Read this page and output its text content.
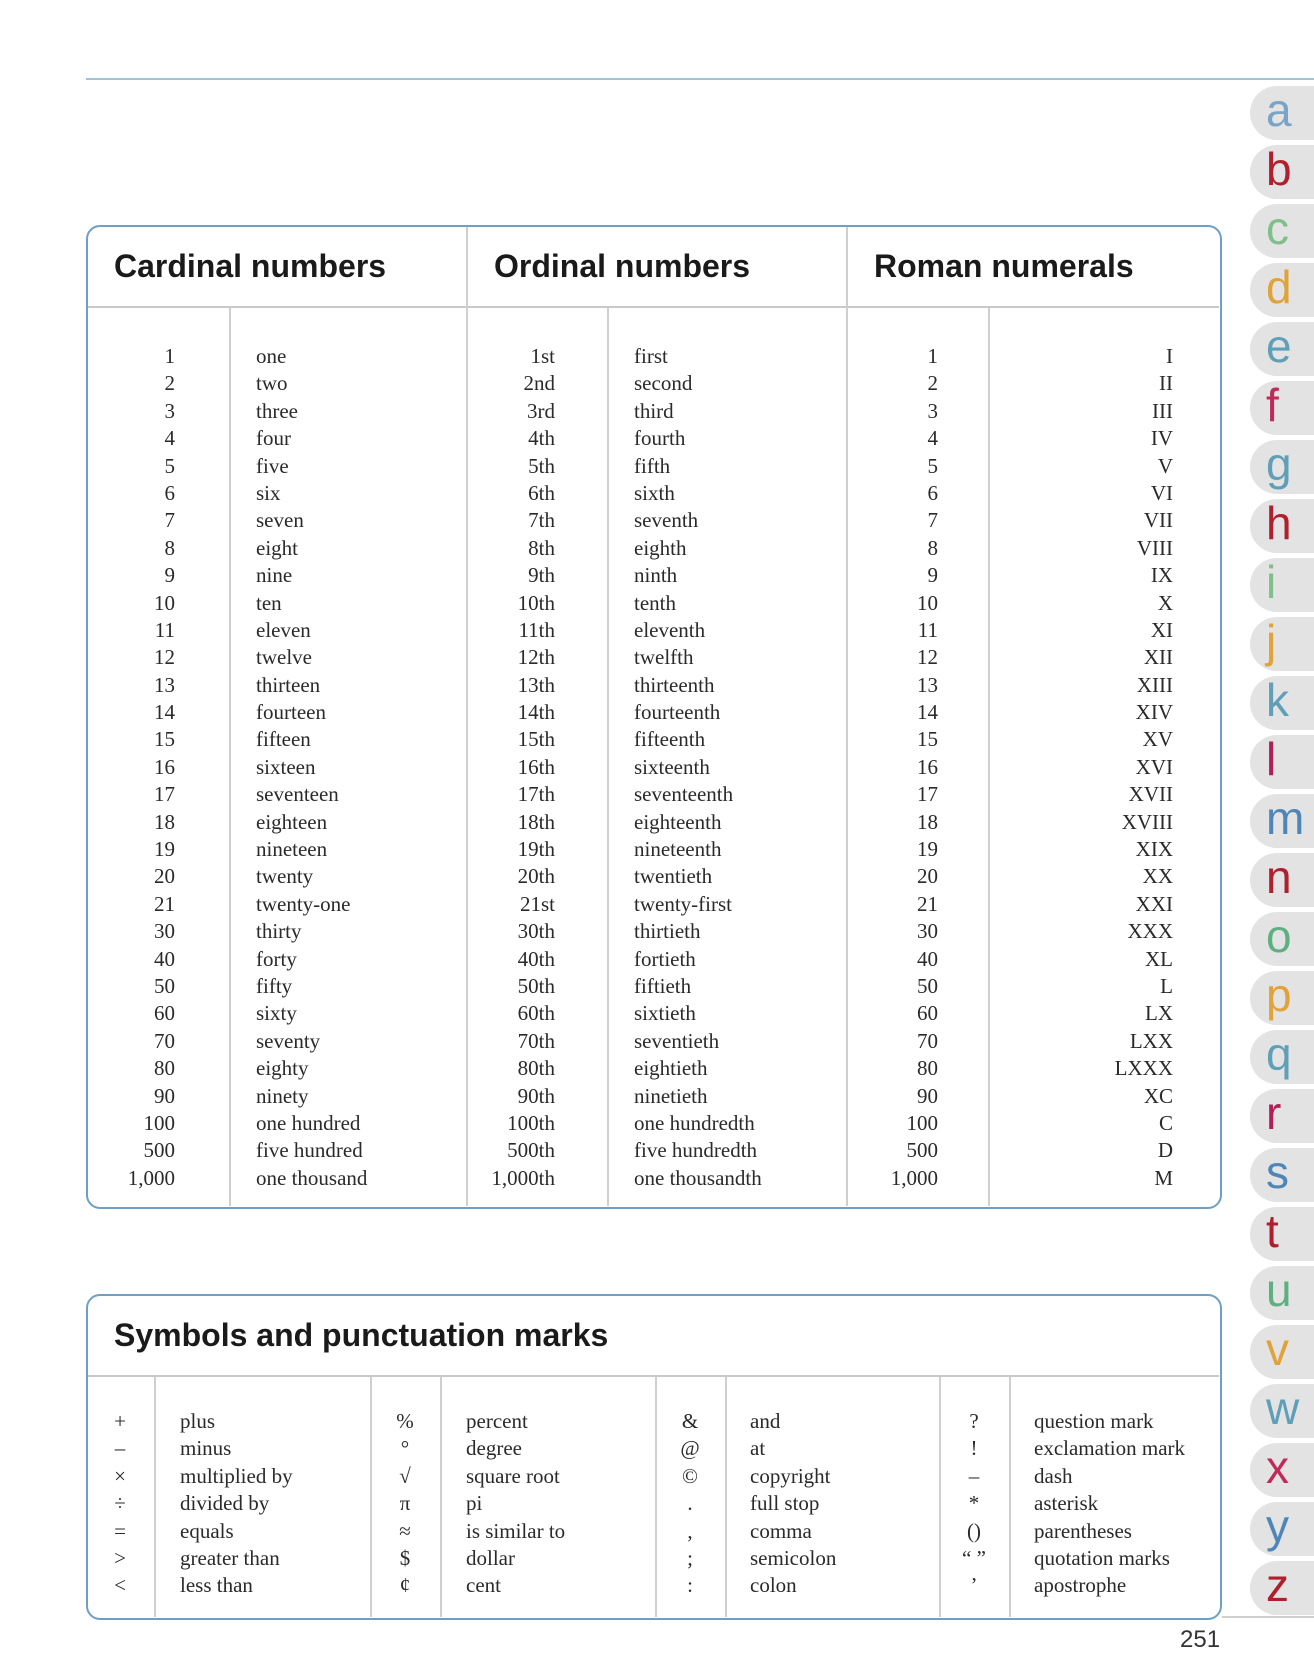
Cardinal numbers	Ordinal numbers	Roman numerals
1
2
3
4
5
6
7
8
9
10
11
12
13
14
15
16
17
18
19
20
21
30
40
50
60
70
80
90
100
500
1,000
one
two
three
four
five
six
seven
eight
nine
ten
eleven
twelve
thirteen
fourteen
fifteen
sixteen
seventeen
eighteen
nineteen
twenty
twenty-one
thirty
forty
fifty
sixty
seventy
eighty
ninety
one hundred
five hundred
one thousand
1st
2nd
3rd
4th
5th
6th
7th
8th
9th
10th
11th
12th
13th
14th
15th
16th
17th
18th
19th
20th
21st
30th
40th
50th
60th
70th
80th
90th
100th
500th
1,000th
first
second
third
fourth
fifth
sixth
seventh
eighth
ninth
tenth
eleventh
twelfth
thirteenth
fourteenth
fifteenth
sixteenth
seventeenth
eighteenth
nineteenth
twentieth
twenty-first
thirtieth
fortieth
fiftieth
sixtieth
seventieth
eightieth
ninetieth
one hundredth
five hundredth
one thousandth
1
2
3
4
5
6
7
8
9
10
11
12
13
14
15
16
17
18
19
20
21
30
40
50
60
70
80
90
100
500
1,000
I
II
III
IV
V
VI
VII
VIII
IX
X
XI
XII
XIII
XIV
XV
XVI
XVII
XVIII
XIX
XX
XXI
XXX
XL
L
LX
LXX
LXXX
XC
C
D
M
Symbols and punctuation marks
+
–
×
÷
=
>
<
plus
minus
multiplied by
divided by
equals
greater than
less than
%
°
√
π
≈
$
¢
percent
degree
square root
pi
is similar to
dollar
cent
&
@
©
.
,
;
:
and
at
copyright
full stop
comma
semicolon
colon
?
!
–
*
()
“ ”
’
question mark
exclamation mark
dash
asterisk
parentheses
quotation marks
apostrophe
a
b
c
d
e
f
g
h
i
j
k
l
m
n
o
p
q
r
s
t
u
v
w
x
y
z
251
